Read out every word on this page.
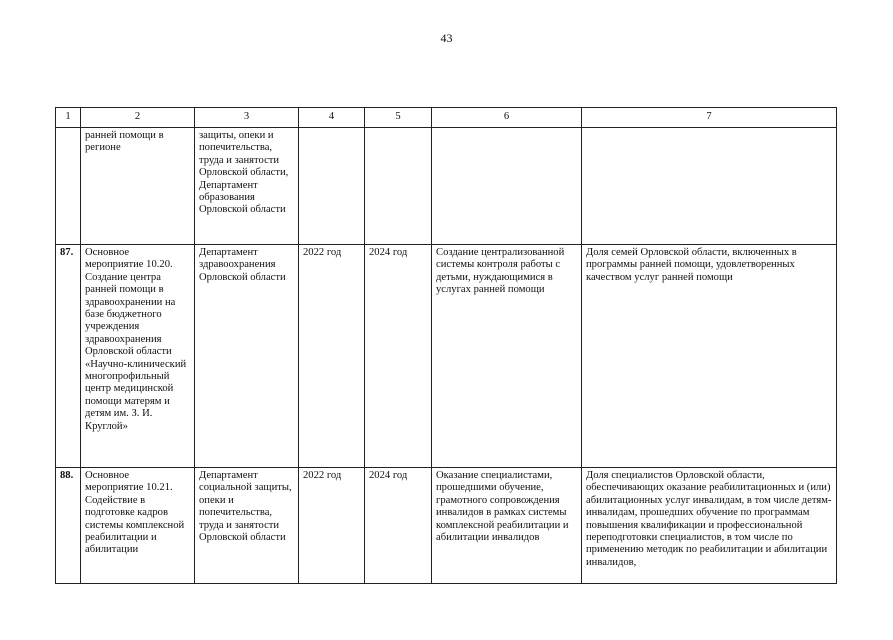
43
1	2	3	4	5	6	7
	ранней помощи в регионе	защиты, опеки и попечительства, труда и занятости Орловской области, Департамент образования Орловской области				
87.	Основное мероприятие 10.20. Создание центра ранней помощи в здравоохранении на базе бюджетного учреждения здравоохранения Орловской области «Научно-клинический многопрофильный центр медицинской помощи матерям и детям им. З. И. Круглой»	Департамент здравоохранения Орловской области	2022 год	2024 год	Создание централизованной системы контроля работы с детьми, нуждающимися в услугах ранней помощи	Доля семей Орловской области, включенных в программы ранней помощи, удовлетворенных качеством услуг ранней помощи
88.	Основное мероприятие 10.21. Содействие в подготовке кадров системы комплексной реабилитации и абилитации	Департамент социальной защиты, опеки и попечительства, труда и занятости Орловской области	2022 год	2024 год	Оказание специалистами, прошедшими обучение, грамотного сопровождения инвалидов в рамках системы комплексной реабилитации и абилитации инвалидов	Доля специалистов Орловской области, обеспечивающих оказание реабилитационных и (или) абилитационных услуг инвалидам, в том числе детям-инвалидам, прошедших обучение по программам повышения квалификации и профессиональной переподготовки специалистов, в том числе по применению методик по реабилитации и абилитации инвалидов,
